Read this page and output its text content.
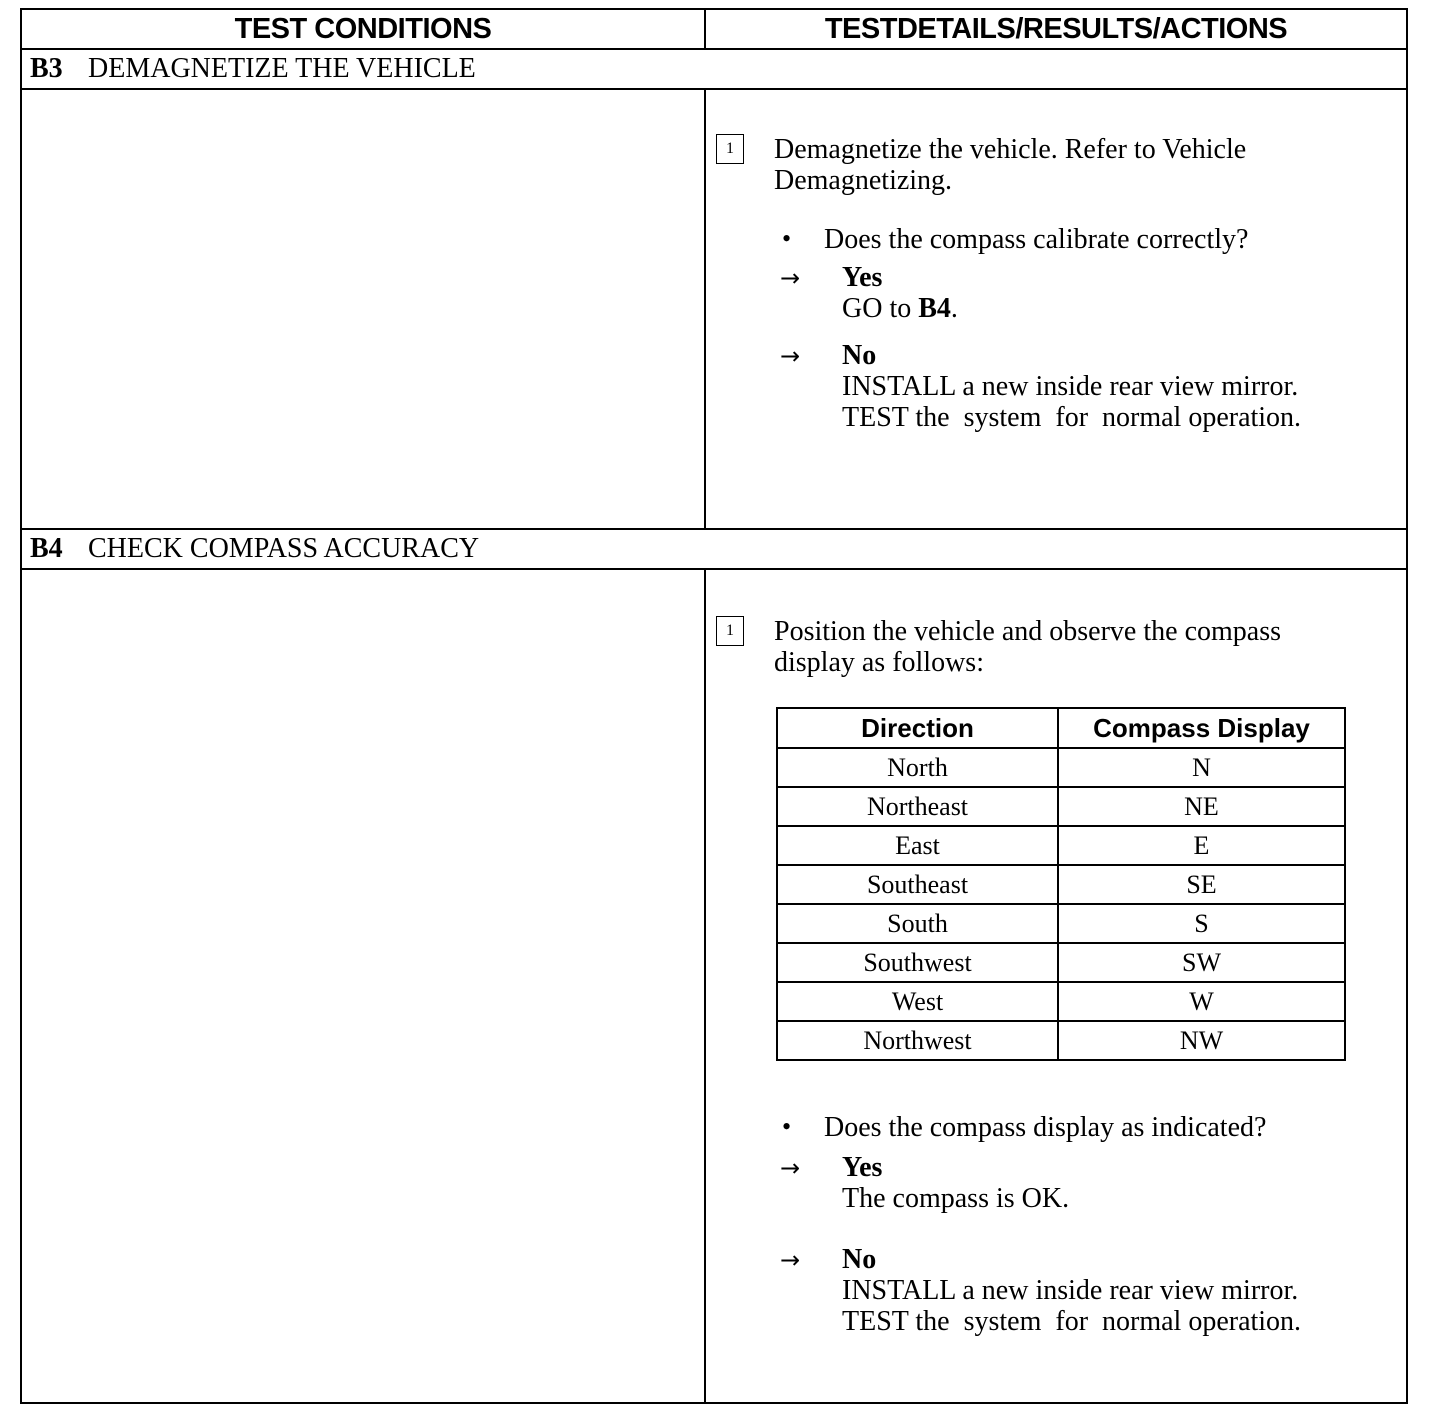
TEST CONDITIONS	TESTDETAILS/RESULTS/ACTIONS
B3 DEMAGNETIZE THE VEHICLE
1	Demagnetize the vehicle. Refer to Vehicle
Demagnetizing.
• Does the compass calibrate correctly?
→ Yes
GO to B4.
→ No
INSTALL a new inside rear view mirror.
TEST the  system  for  normal operation.
B4 CHECK COMPASS ACCURACY
1	Position the vehicle and observe the compass
display as follows:
Direction	Compass Display
North	N
Northeast	NE
East	E
Southeast	SE
South	S
Southwest	SW
West	W
Northwest	NW
• Does the compass display as indicated?
→ Yes
The compass is OK.
→ No
INSTALL a new inside rear view mirror.
TEST the  system  for  normal operation.
